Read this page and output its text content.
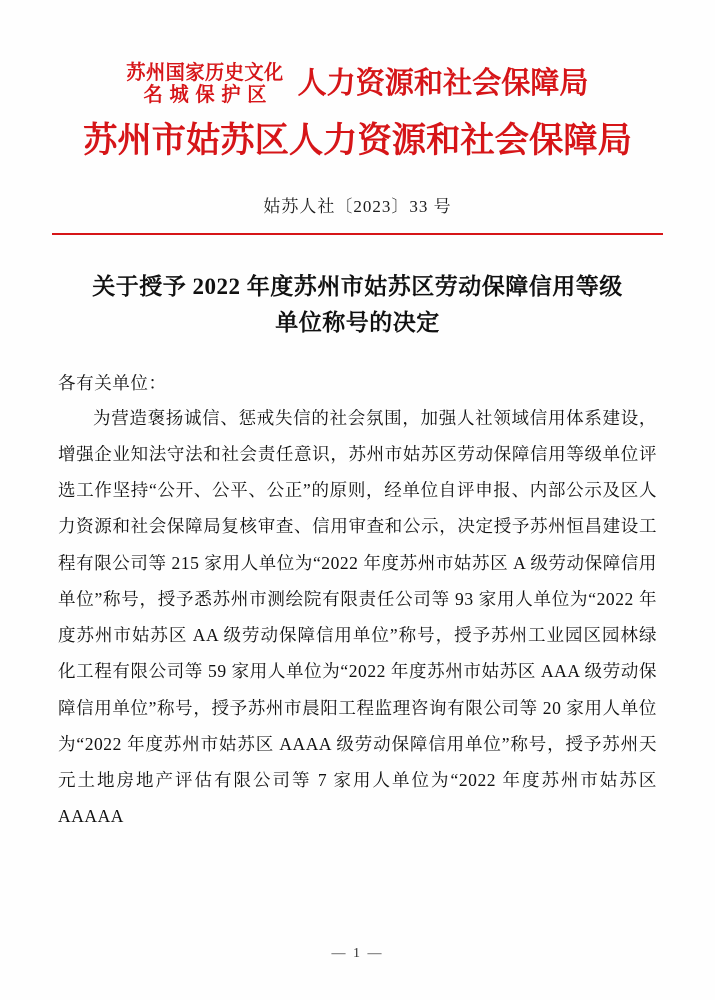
苏州国家历史文化
名城保护区 人力资源和社会保障局
苏州市姑苏区人力资源和社会保障局
姑苏人社〔2023〕33 号
关于授予 2022 年度苏州市姑苏区劳动保障信用等级单位称号的决定
各有关单位：
为营造褒扬诚信、惩戒失信的社会氛围，加强人社领域信用体系建设，增强企业知法守法和社会责任意识，苏州市姑苏区劳动保障信用等级单位评选工作坚持“公开、公平、公正”的原则，经单位自评申报、内部公示及区人力资源和社会保障局复核审查、信用审查和公示，决定授予苏州恒昌建设工程有限公司等 215 家用人单位为“2022 年度苏州市姑苏区 A 级劳动保障信用单位”称号，授予悉苏州市测绘院有限责任公司等 93 家用人单位为“2022 年度苏州市姑苏区 AA 级劳动保障信用单位”称号，授予苏州工业园区园林绿化工程有限公司等 59 家用人单位为“2022 年度苏州市姑苏区 AAA 级劳动保障信用单位”称号，授予苏州市晨阳工程监理咨询有限公司等 20 家用人单位为“2022 年度苏州市姑苏区 AAAA 级劳动保障信用单位”称号，授予苏州天元土地房地产评估有限公司等 7 家用人单位为“2022 年度苏州市姑苏区 AAAAA
— 1 —
